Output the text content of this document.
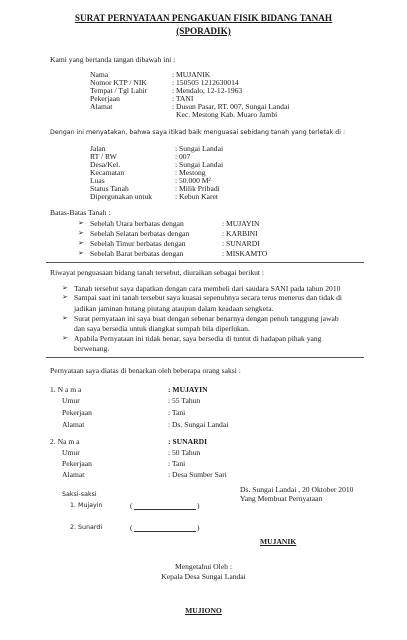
SURAT PERNYATAAN PENGAKUAN FISIK BIDANG TANAH
(SPORADIK)
Kami yang bertanda tangan dibawah ini :
Nama	: MUJANIK
Nomor KTP / NIK	: 150505 1212630014
Tempat / Tgl Lahir	: Mendalo, 12-12-1963
Pekerjaan	: TANI
Alamat	: Dusun Pasar, RT. 007, Sungai Landai
Kec. Mestong Kab. Muaro Jambi
Dengan ini menyatakan, bahwa saya itikad baik menguasai sebidang tanah yang terletak di :
Jalan	: Sungai Landai
RT / RW	: 007
Desa/Kel.	: Sungai Landai
Kecamatan	: Mestong
Luas	: 50.000 M²
Status Tanah	: Milik Pribadi
Dipergunakan untuk	: Kebun Karet
Batas-Batas Tanah :
➢ Sebelah Utara berbatas dengan	: MUJAYIN
➢ Sebelah Selatan berbatas dengan	: KARBINI
➢ Sebelah Timur berbatas dengan	: SUNARDI
➢ Sebelah Barat berbatas dengan	: MISKAMTO
Riwayat penguasaan bidang tanah tersebut, diuraikan sebagai berikut :
➢ Tanah tersebut saya dapatkan dengan cara membeli dari saudara SANI pada tahun 2010
➢ Sampai saat ini tanah tersebut saya kuasai sepenuhnya secara terus menerus dan tidak di
jadikan jaminan hutang piutang ataupun dalam keadaan sengketa.
➢ Surat pernyataan ini saya buat dengan sebenar benarnya dengan penuh tanggung jawab
dan saya bersedia untuk diangkat sumpah bila diperlukan.
➢ Apabila Pernyataan ini tidak benar, saya bersedia di tuntut di hadapan pihak yang
berwenang.
Pernyataan saya diatas di benarkan oleh beberapa orang saksi :
1. N a m a	: MUJAYIN
Umur	: 55 Tahun
Pekerjaan	: Tani
Alamat	: Ds. Sungai Landai
2. Na m a	: SUNARDI
Umur	: 50 Tahun
Pekerjaan	: Tani
Alamat	: Desa Sumber Sari
Ds. Sungai Landai , 20 Oktober 2010
Yang Membuat Pernyataan
Saksi-saksi
1. Mujayin	(	)
2. Sunardi	(	)
MUJANIK
Mengetahui Oleh :
Kepala Desa Sungai Landai
MUJIONO
